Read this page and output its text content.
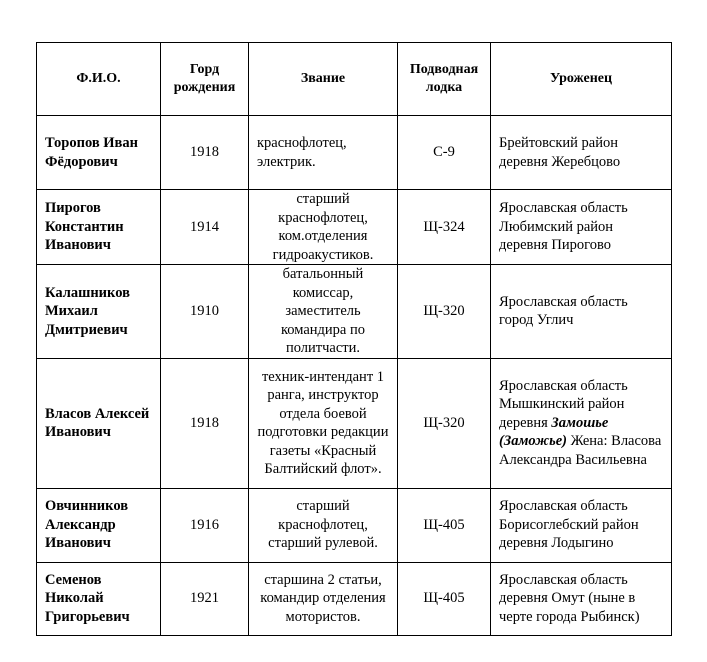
Ф.И.О.	Горд рождения	Звание	Подводная лодка	Уроженец
Торопов Иван Фёдорович	1918	краснофлотец, электрик.	С-9	Брейтовский район деревня Жеребцово
Пирогов Константин Иванович	1914	старший краснофлотец, ком.отделения гидроакустиков.	Щ-324	Ярославская область Любимский район деревня Пирогово
Калашников Михаил Дмитриевич	1910	батальонный комиссар, заместитель командира по политчасти.	Щ-320	Ярославская область город Углич
Власов Алексей Иванович	1918	техник-интендант 1 ранга, инструктор отдела боевой подготовки редакции газеты «Красный Балтийский флот».	Щ-320	Ярославская область Мышкинский район деревня Замошье (Заможье) Жена: Власова Александра Васильевна
Овчинников Александр Иванович	1916	старший краснофлотец, старший рулевой.	Щ-405	Ярославская область Борисоглебский район деревня Лодыгино
Семенов Николай Григорьевич	1921	старшина 2 статьи, командир отделения мотористов.	Щ-405	Ярославская область деревня Омут (ныне в черте города Рыбинск)
